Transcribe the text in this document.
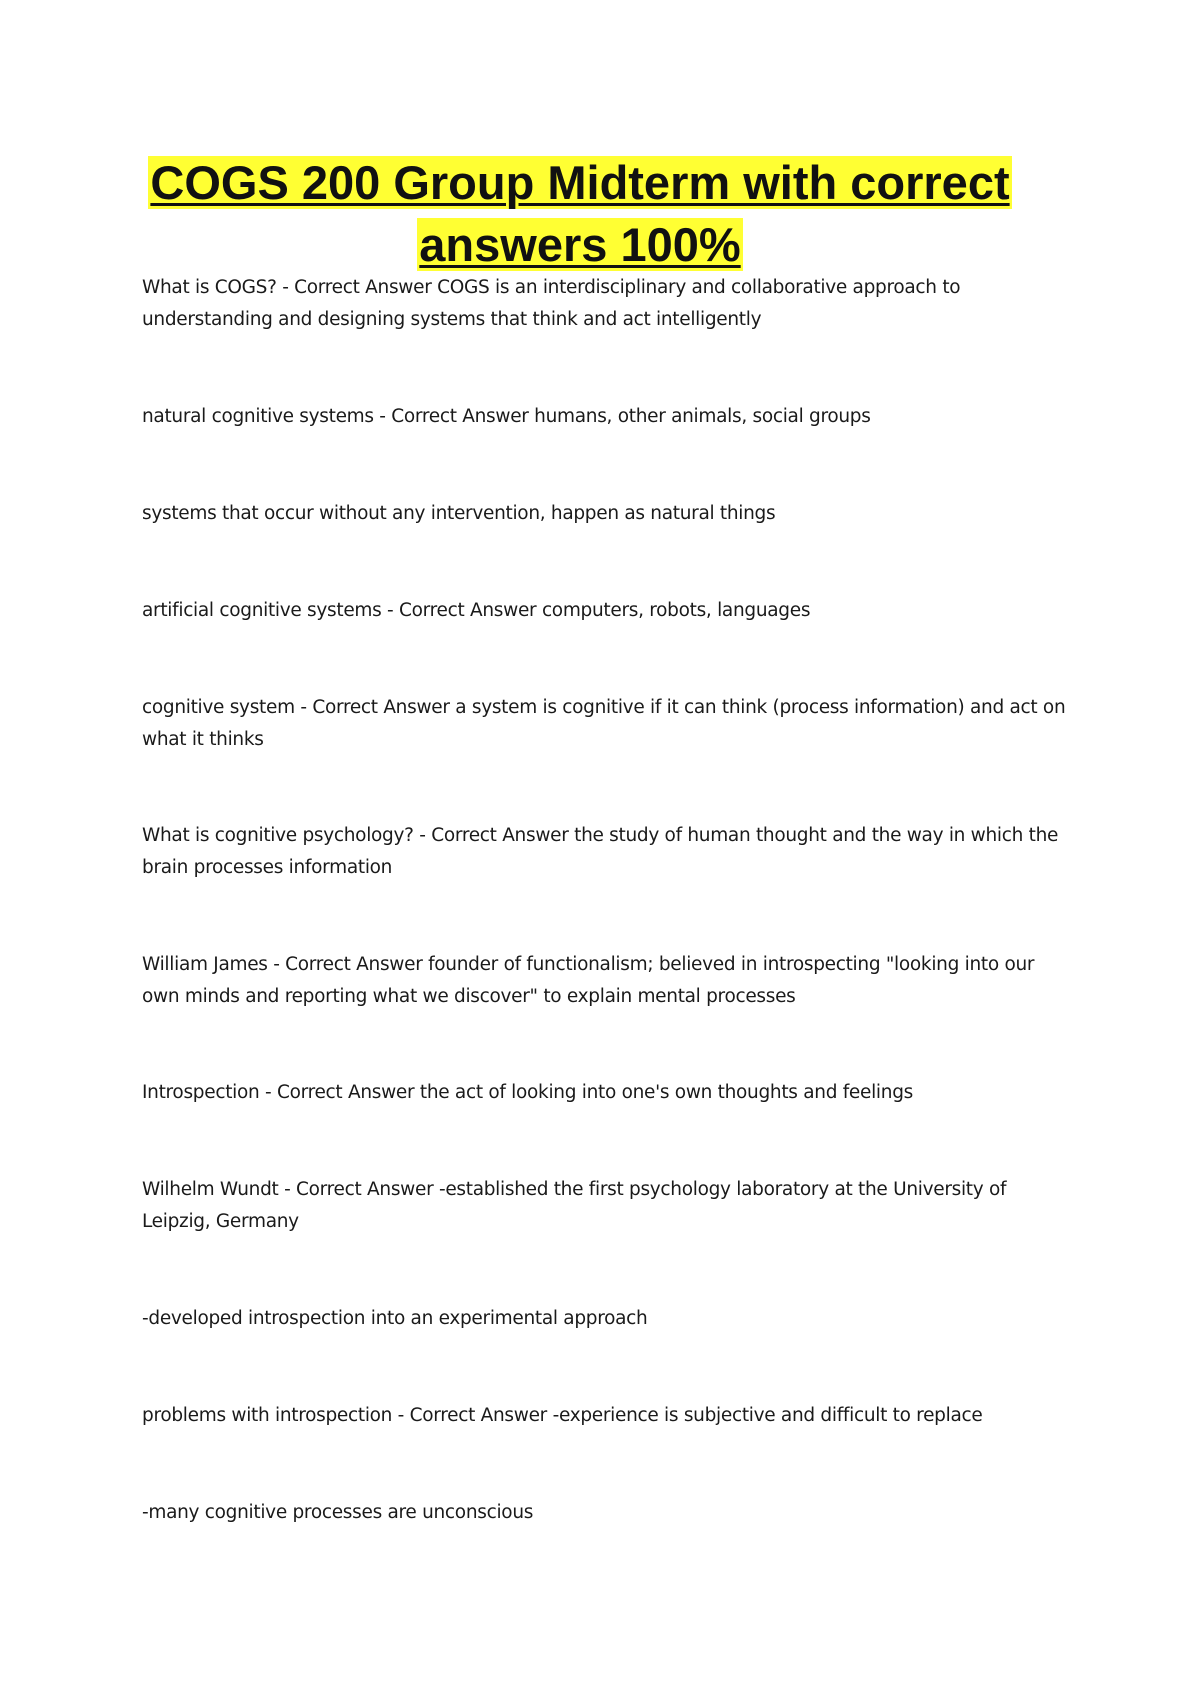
COGS 200 Group Midterm with correct
answers 100%

What is COGS? - Correct Answer COGS is an interdisciplinary and collaborative approach to understanding and designing systems that think and act intelligently

natural cognitive systems - Correct Answer humans, other animals, social groups

systems that occur without any intervention, happen as natural things

artificial cognitive systems - Correct Answer computers, robots, languages

cognitive system - Correct Answer a system is cognitive if it can think (process information) and act on what it thinks

What is cognitive psychology? - Correct Answer the study of human thought and the way in which the brain processes information

William James - Correct Answer founder of functionalism; believed in introspecting "looking into our own minds and reporting what we discover" to explain mental processes

Introspection - Correct Answer the act of looking into one's own thoughts and feelings

Wilhelm Wundt - Correct Answer -established the first psychology laboratory at the University of Leipzig, Germany

-developed introspection into an experimental approach

problems with introspection - Correct Answer -experience is subjective and difficult to replace

-many cognitive processes are unconscious
